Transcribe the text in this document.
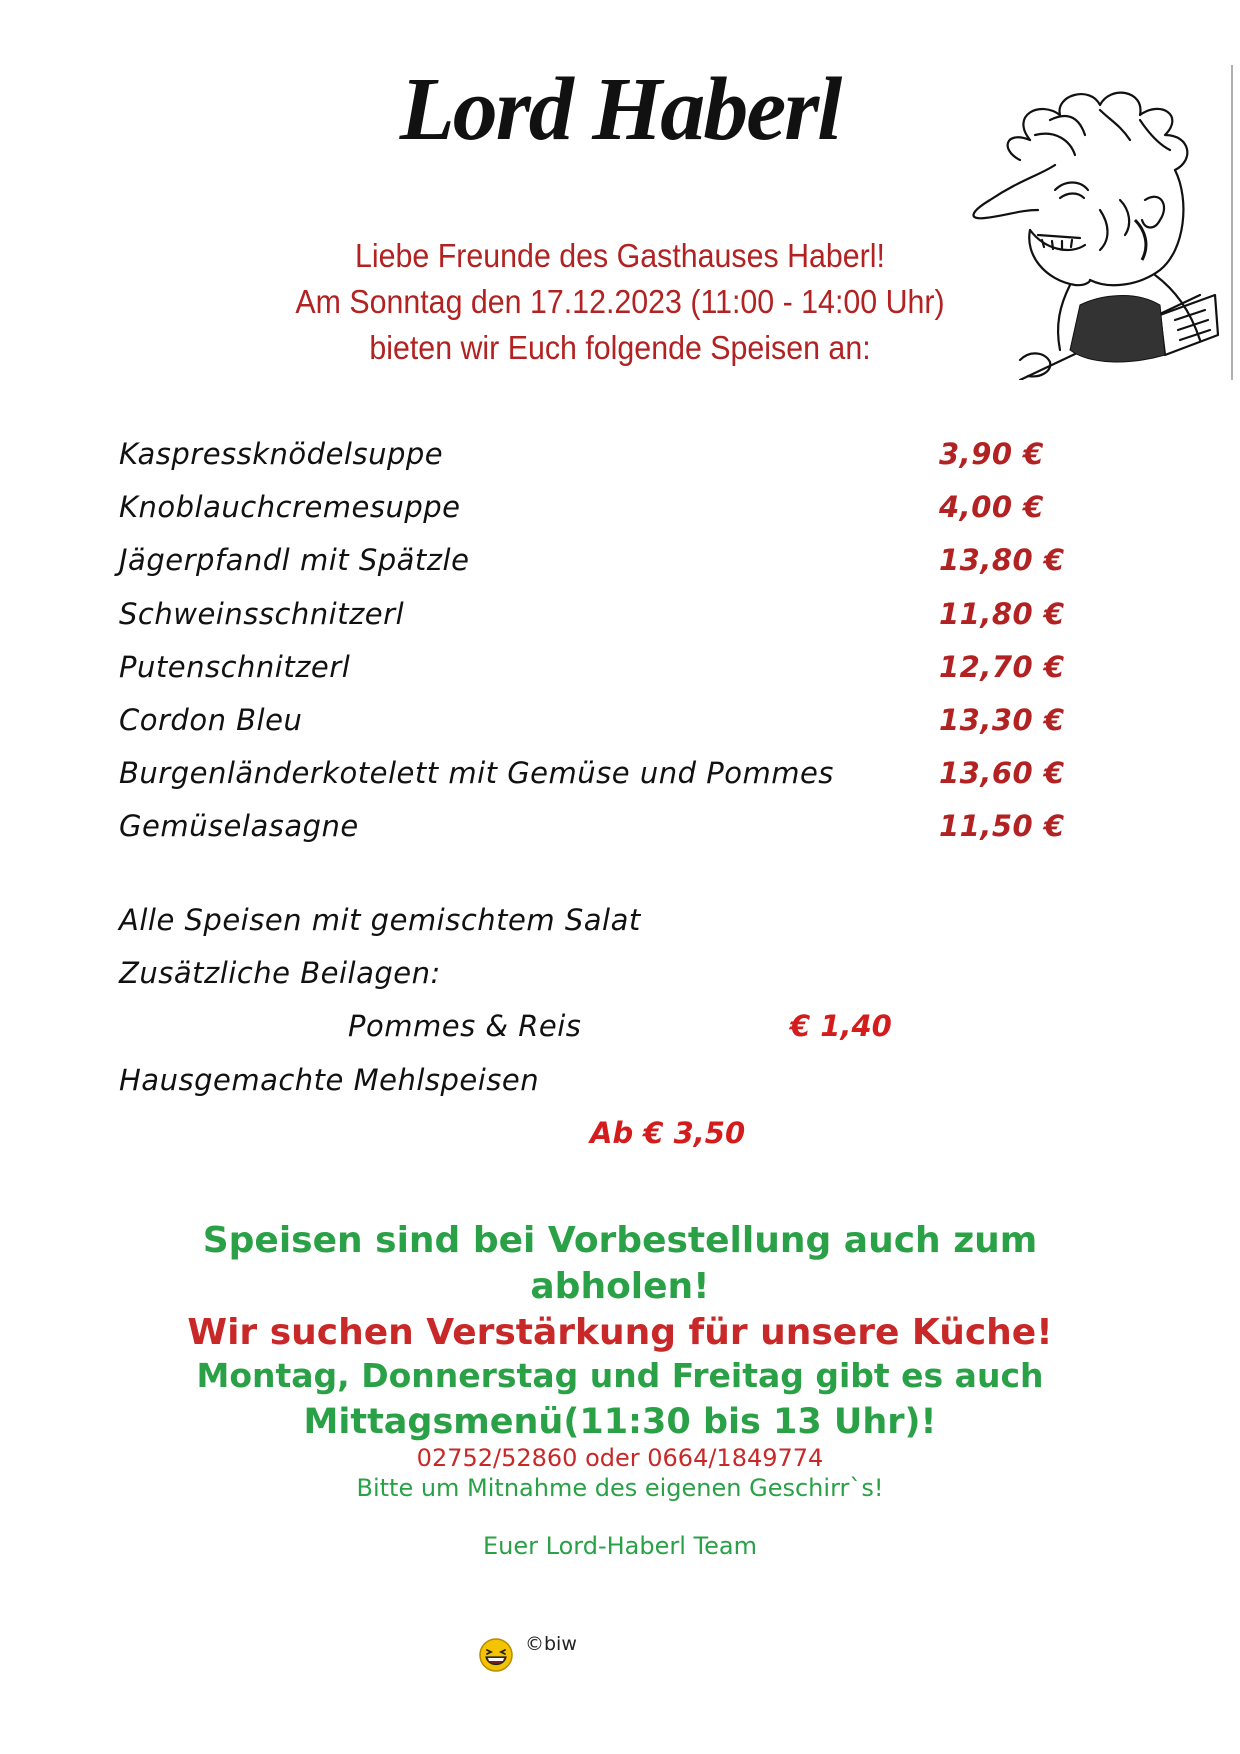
Lord Haberl
Liebe Freunde des Gasthauses Haberl!
Am Sonntag den 17.12.2023 (11:00 - 14:00 Uhr)
bieten wir Euch folgende Speisen an:
Kaspressknödelsuppe	3,90 €
Knoblauchcremesuppe	4,00 €
Jägerpfandl mit Spätzle	13,80 €
Schweinsschnitzerl	11,80 €
Putenschnitzerl	12,70 €
Cordon Bleu	13,30 €
Burgenländerkotelett mit Gemüse und Pommes	13,60 €
Gemüselasagne	11,50 €
Alle Speisen mit gemischtem Salat
Zusätzliche Beilagen:
Pommes & Reis	€ 1,40
Hausgemachte Mehlspeisen
Ab € 3,50
Speisen sind bei Vorbestellung auch zum
abholen!
Wir suchen Verstärkung für unsere Küche!
Montag, Donnerstag und Freitag gibt es auch
Mittagsmenü(11:30 bis 13 Uhr)!
02752/52860 oder 0664/1849774
Bitte um Mitnahme des eigenen Geschirr`s!
Euer Lord-Haberl Team
©biw
